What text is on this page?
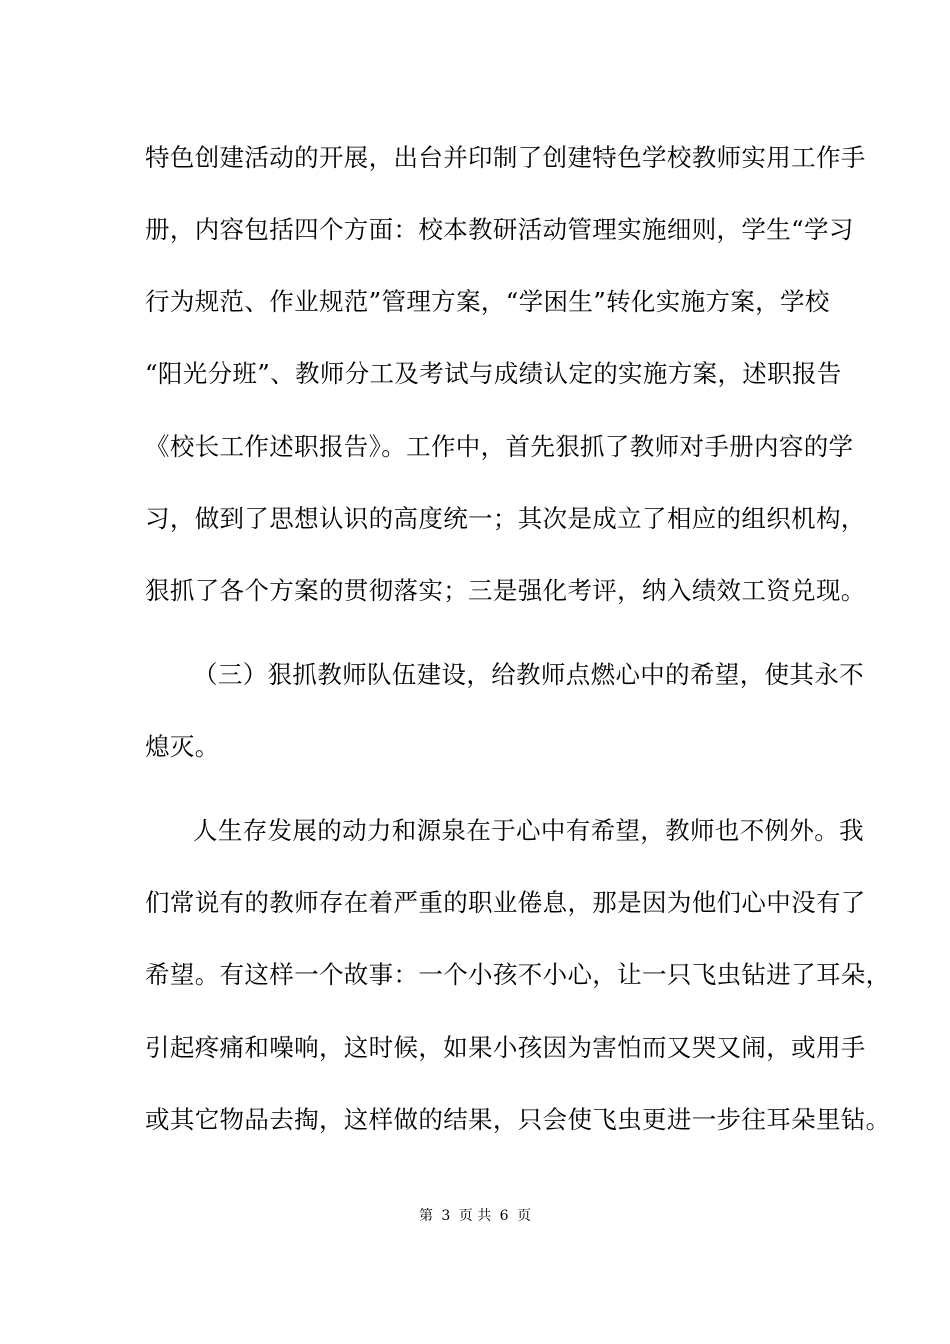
特色创建活动的开展，出台并印制了创建特色学校教师实用工作手
册，内容包括四个方面：校本教研活动管理实施细则，学生“学习
行为规范、作业规范”管理方案，“学困生”转化实施方案，学校
“阳光分班”、教师分工及考试与成绩认定的实施方案，述职报告
《校长工作述职报告》。工作中，首先狠抓了教师对手册内容的学
习，做到了思想认识的高度统一；其次是成立了相应的组织机构，
狠抓了各个方案的贯彻落实；三是强化考评，纳入绩效工资兑现。
（三）狠抓教师队伍建设，给教师点燃心中的希望，使其永不
熄灭。
人生存发展的动力和源泉在于心中有希望，教师也不例外。我
们常说有的教师存在着严重的职业倦息，那是因为他们心中没有了
希望。有这样一个故事：一个小孩不小心，让一只飞虫钻进了耳朵，
引起疼痛和噪响，这时候，如果小孩因为害怕而又哭又闹，或用手
或其它物品去掏，这样做的结果，只会使飞虫更进一步往耳朵里钻。
第 3 页 共 6 页
